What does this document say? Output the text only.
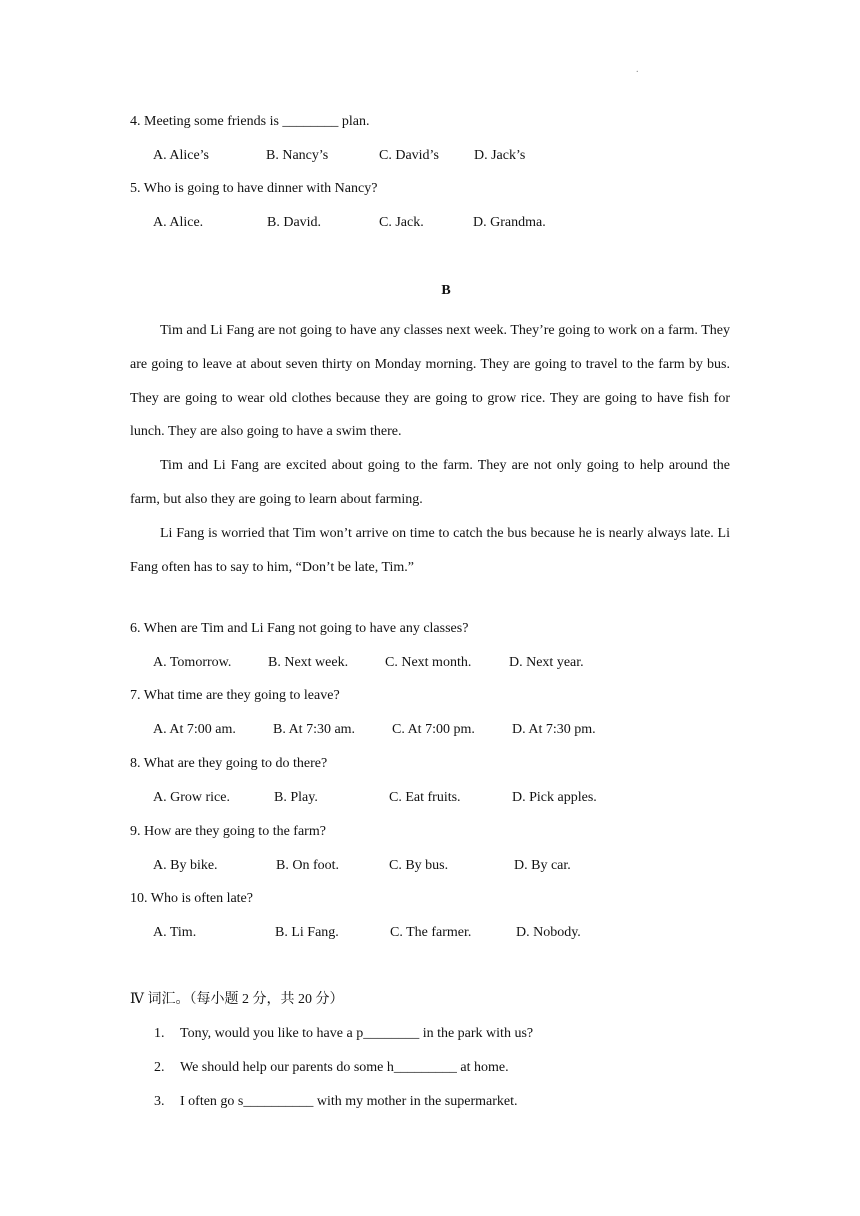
.
4. Meeting some friends is ________ plan.
A. Alice’s	B. Nancy’s	C. David’s	D. Jack’s
5. Who is going to have dinner with Nancy?
A. Alice.	B. David.	C. Jack.	D. Grandma.
B

Tim and Li Fang are not going to have any classes next week. They’re going to work on a farm. They are going to leave at about seven thirty on Monday morning. They are going to travel to the farm by bus. They are going to wear old clothes because they are going to grow rice. They are going to have fish for lunch. They are also going to have a swim there.

Tim and Li Fang are excited about going to the farm. They are not only going to help around the farm, but also they are going to learn about farming.

Li Fang is worried that Tim won’t arrive on time to catch the bus because he is nearly always late. Li Fang often has to say to him, “Don’t be late, Tim.”

6. When are Tim and Li Fang not going to have any classes?
A. Tomorrow.	B. Next week.	C. Next month.	D. Next year.
7. What time are they going to leave?
A. At 7:00 am.	B. At 7:30 am.	C. At 7:00 pm.	D. At 7:30 pm.
8. What are they going to do there?
A. Grow rice.	B. Play.	C. Eat fruits.	D. Pick apples.
9. How are they going to the farm?
A. By bike.	B. On foot.	C. By bus.	D. By car.
10. Who is often late?
A. Tim.	B. Li Fang.	C. The farmer.	D. Nobody.
Ⅳ 词汇。（每小题 2 分，共 20 分）
1. Tony, would you like to have a p________ in the park with us?
2. We should help our parents do some h_________ at home.
3. I often go s__________ with my mother in the supermarket.
